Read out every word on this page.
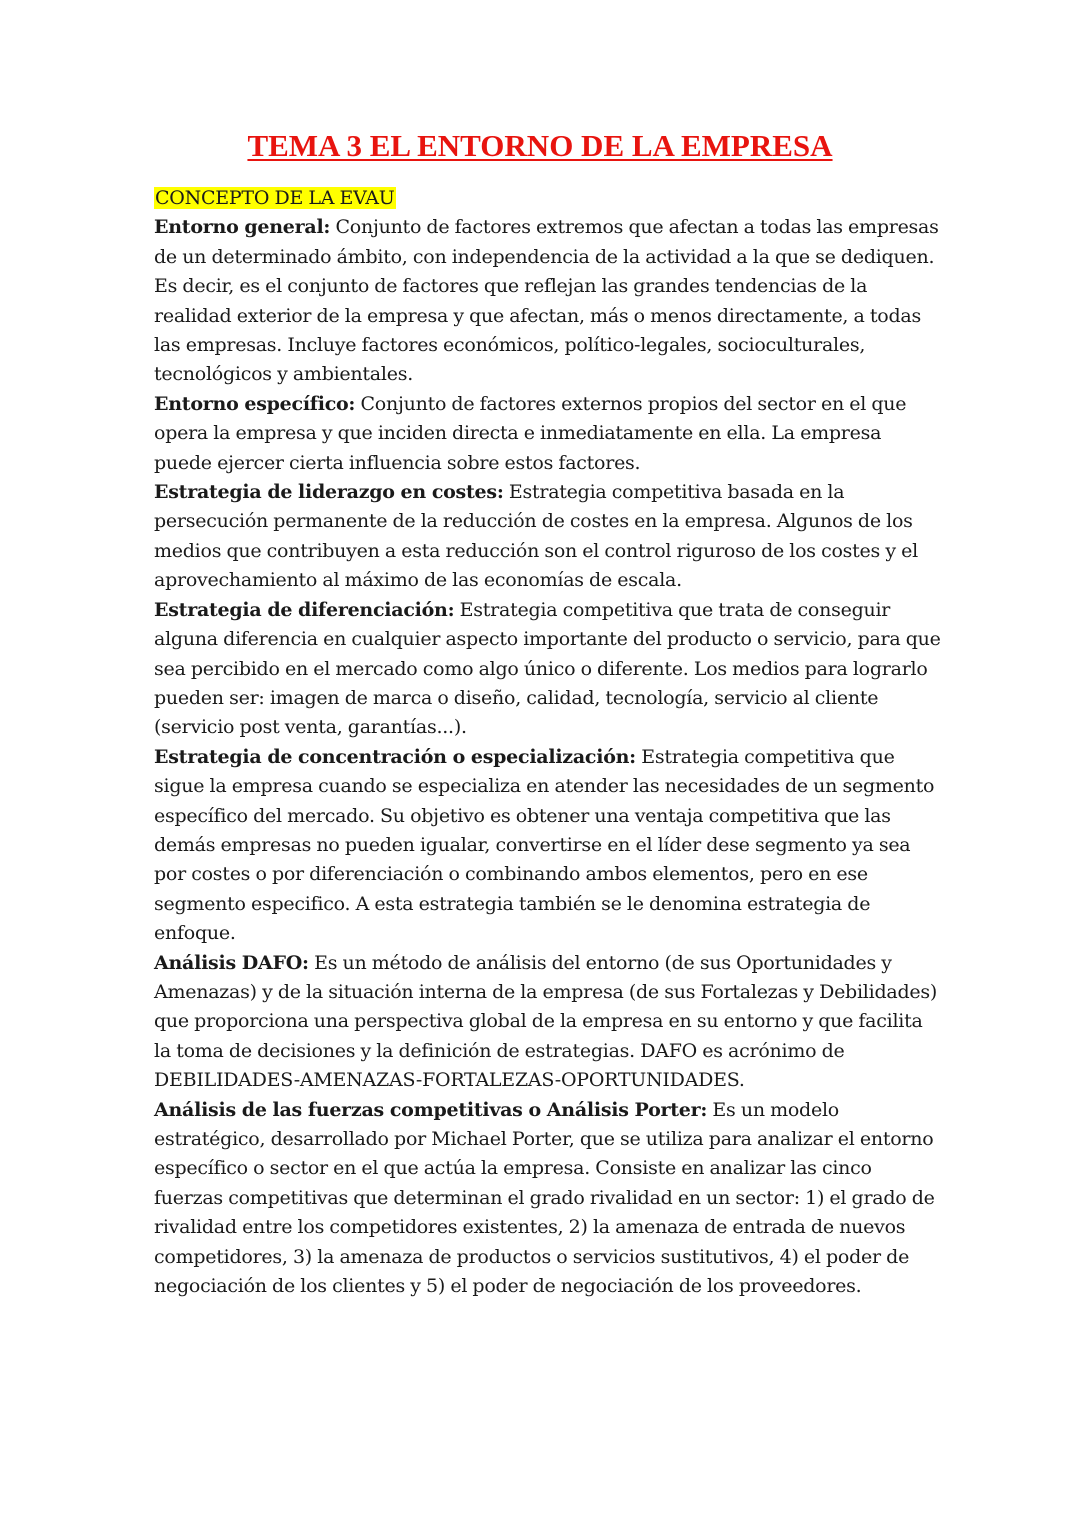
TEMA 3 EL ENTORNO DE LA EMPRESA
CONCEPTO DE LA EVAU

Entorno general: Conjunto de factores extremos que afectan a todas las empresas de un determinado ámbito, con independencia de la actividad a la que se dediquen. Es decir, es el conjunto de factores que reflejan las grandes tendencias de la realidad exterior de la empresa y que afectan, más o menos directamente, a todas las empresas. Incluye factores económicos, político-legales, socioculturales, tecnológicos y ambientales.

Entorno específico: Conjunto de factores externos propios del sector en el que opera la empresa y que inciden directa e inmediatamente en ella. La empresa puede ejercer cierta influencia sobre estos factores.

Estrategia de liderazgo en costes: Estrategia competitiva basada en la persecución permanente de la reducción de costes en la empresa. Algunos de los medios que contribuyen a esta reducción son el control riguroso de los costes y el aprovechamiento al máximo de las economías de escala.

Estrategia de diferenciación: Estrategia competitiva que trata de conseguir alguna diferencia en cualquier aspecto importante del producto o servicio, para que sea percibido en el mercado como algo único o diferente. Los medios para lograrlo pueden ser: imagen de marca o diseño, calidad, tecnología, servicio al cliente (servicio post venta, garantías...).

Estrategia de concentración o especialización: Estrategia competitiva que sigue la empresa cuando se especializa en atender las necesidades de un segmento específico del mercado. Su objetivo es obtener una ventaja competitiva que las demás empresas no pueden igualar, convertirse en el líder dese segmento ya sea por costes o por diferenciación o combinando ambos elementos, pero en ese segmento especifico. A esta estrategia también se le denomina estrategia de enfoque.

Análisis DAFO: Es un método de análisis del entorno (de sus Oportunidades y Amenazas) y de la situación interna de la empresa (de sus Fortalezas y Debilidades) que proporciona una perspectiva global de la empresa en su entorno y que facilita la toma de decisiones y la definición de estrategias. DAFO es acrónimo de DEBILIDADES-AMENAZAS-FORTALEZAS-OPORTUNIDADES.

Análisis de las fuerzas competitivas o Análisis Porter: Es un modelo estratégico, desarrollado por Michael Porter, que se utiliza para analizar el entorno específico o sector en el que actúa la empresa. Consiste en analizar las cinco fuerzas competitivas que determinan el grado rivalidad en un sector: 1) el grado de rivalidad entre los competidores existentes, 2) la amenaza de entrada de nuevos competidores, 3) la amenaza de productos o servicios sustitutivos, 4) el poder de negociación de los clientes y 5) el poder de negociación de los proveedores.
